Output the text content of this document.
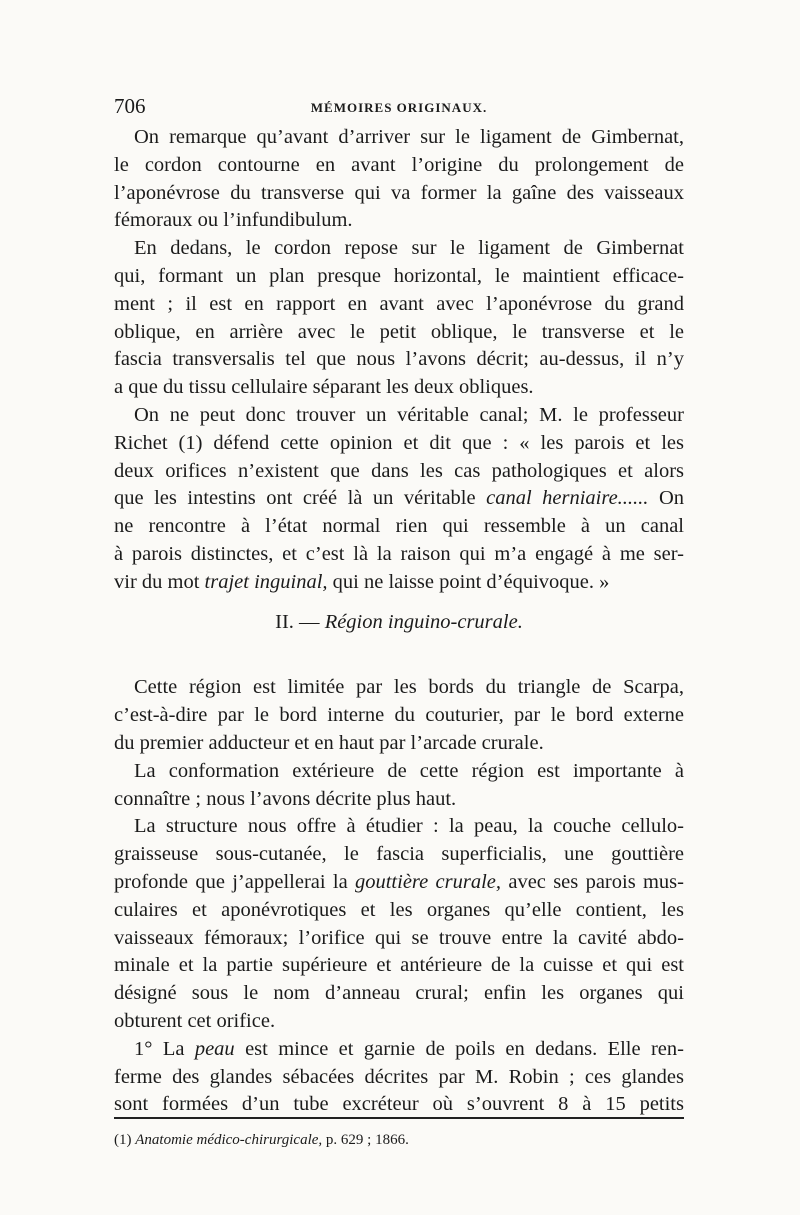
706	MÉMOIRES ORIGINAUX.
On remarque qu’avant d’arriver sur le ligament de Gimbernat,
le cordon contourne en avant l’origine du prolongement de
l’aponévrose du transverse qui va former la gaîne des vaisseaux
fémoraux ou l’infundibulum.
En dedans, le cordon repose sur le ligament de Gimbernat
qui, formant un plan presque horizontal, le maintient efficace-
ment ; il est en rapport en avant avec l’aponévrose du grand
oblique, en arrière avec le petit oblique, le transverse et le
fascia transversalis tel que nous l’avons décrit; au-dessus, il n’y
a que du tissu cellulaire séparant les deux obliques.
On ne peut donc trouver un véritable canal; M. le professeur
Richet (1) défend cette opinion et dit que : « les parois et les
deux orifices n’existent que dans les cas pathologiques et alors
que les intestins ont créé là un véritable canal herniaire...... On
ne rencontre à l’état normal rien qui ressemble à un canal
à parois distinctes, et c’est là la raison qui m’a engagé à me ser-
vir du mot trajet inguinal, qui ne laisse point d’équivoque. »
II. — Région inguino-crurale.
Cette région est limitée par les bords du triangle de Scarpa,
c’est-à-dire par le bord interne du couturier, par le bord externe
du premier adducteur et en haut par l’arcade crurale.
La conformation extérieure de cette région est importante à
connaître ; nous l’avons décrite plus haut.
La structure nous offre à étudier : la peau, la couche cellulo-
graisseuse sous-cutanée, le fascia superficialis, une gouttière
profonde que j’appellerai la gouttière crurale, avec ses parois mus-
culaires et aponévrotiques et les organes qu’elle contient, les
vaisseaux fémoraux; l’orifice qui se trouve entre la cavité abdo-
minale et la partie supérieure et antérieure de la cuisse et qui est
désigné sous le nom d’anneau crural; enfin les organes qui
obturent cet orifice.
1° La peau est mince et garnie de poils en dedans. Elle ren-
ferme des glandes sébacées décrites par M. Robin ; ces glandes
sont formées d’un tube excréteur où s’ouvrent 8 à 15 petits
(1) Anatomie médico-chirurgicale, p. 629 ; 1866.
